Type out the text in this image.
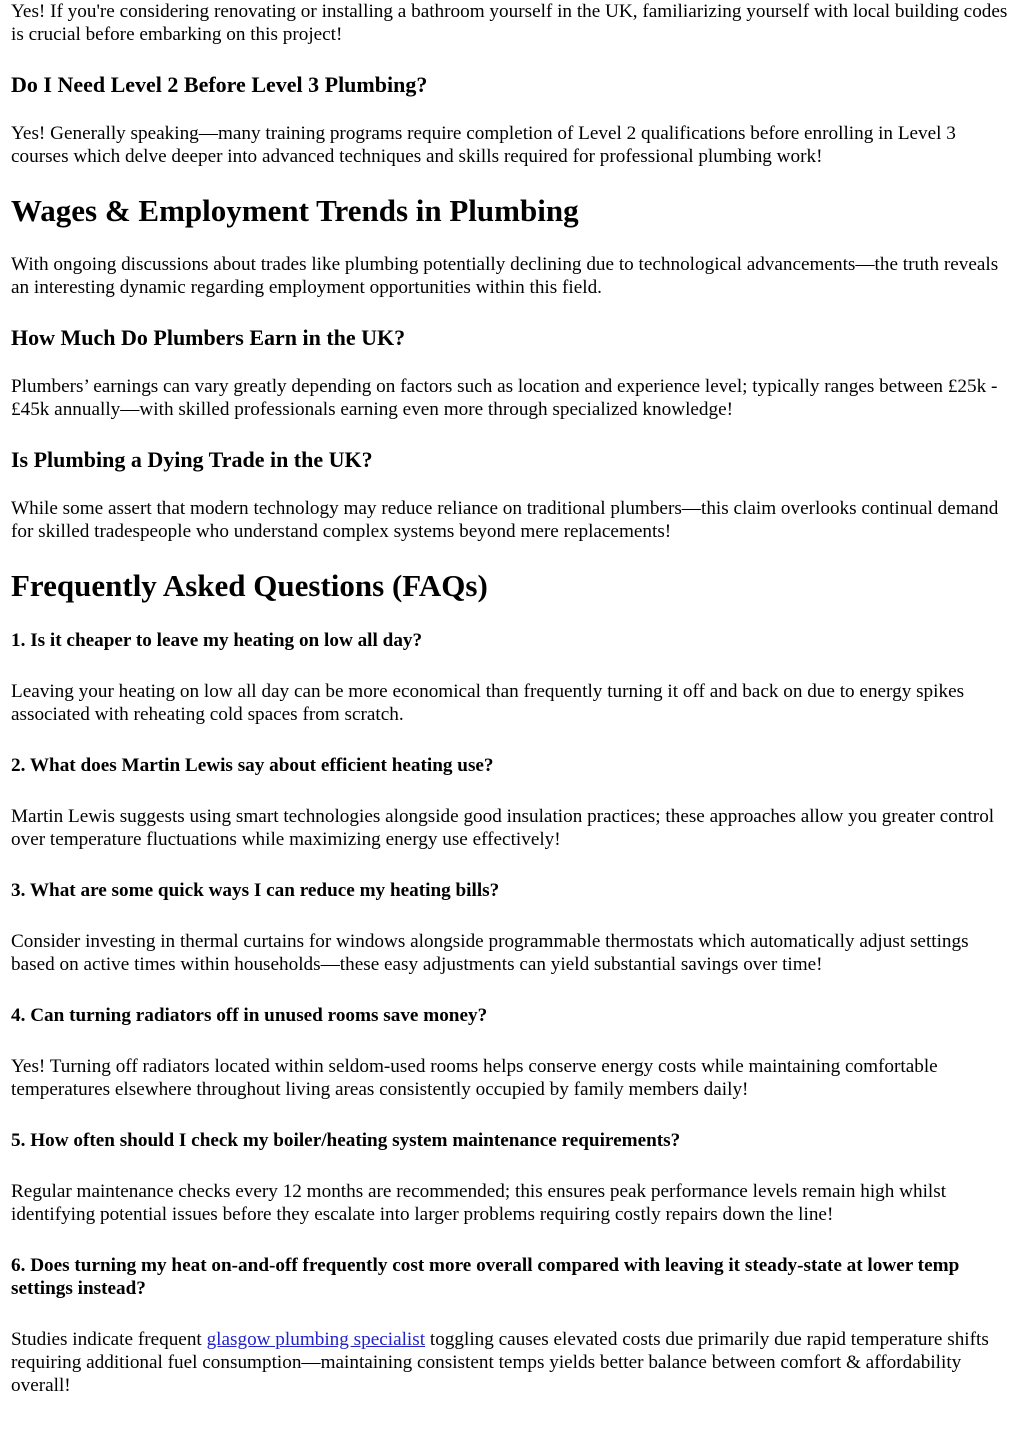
Yes! If you're considering renovating or installing a bathroom yourself in the UK, familiarizing yourself with local building codes is crucial before embarking on this project!

Do I Need Level 2 Before Level 3 Plumbing?

Yes! Generally speaking—many training programs require completion of Level 2 qualifications before enrolling in Level 3 courses which delve deeper into advanced techniques and skills required for professional plumbing work!

Wages & Employment Trends in Plumbing

With ongoing discussions about trades like plumbing potentially declining due to technological advancements—the truth reveals an interesting dynamic regarding employment opportunities within this field.

How Much Do Plumbers Earn in the UK?

Plumbers’ earnings can vary greatly depending on factors such as location and experience level; typically ranges between £25k - £45k annually—with skilled professionals earning even more through specialized knowledge!

Is Plumbing a Dying Trade in the UK?

While some assert that modern technology may reduce reliance on traditional plumbers—this claim overlooks continual demand for skilled tradespeople who understand complex systems beyond mere replacements!

Frequently Asked Questions (FAQs)
1. Is it cheaper to leave my heating on low all day?

Leaving your heating on low all day can be more economical than frequently turning it off and back on due to energy spikes associated with reheating cold spaces from scratch.

2. What does Martin Lewis say about efficient heating use?

Martin Lewis suggests using smart technologies alongside good insulation practices; these approaches allow you greater control over temperature fluctuations while maximizing energy use effectively!

3. What are some quick ways I can reduce my heating bills?

Consider investing in thermal curtains for windows alongside programmable thermostats which automatically adjust settings based on active times within households—these easy adjustments can yield substantial savings over time!

4. Can turning radiators off in unused rooms save money?

Yes! Turning off radiators located within seldom-used rooms helps conserve energy costs while maintaining comfortable temperatures elsewhere throughout living areas consistently occupied by family members daily!

5. How often should I check my boiler/heating system maintenance requirements?

Regular maintenance checks every 12 months are recommended; this ensures peak performance levels remain high whilst identifying potential issues before they escalate into larger problems requiring costly repairs down the line!

6. Does turning my heat on-and-off frequently cost more overall compared with leaving it steady-state at lower temp settings instead?

Studies indicate frequent glasgow plumbing specialist toggling causes elevated costs due primarily due rapid temperature shifts requiring additional fuel consumption—maintaining consistent temps yields better balance between comfort & affordability overall!
